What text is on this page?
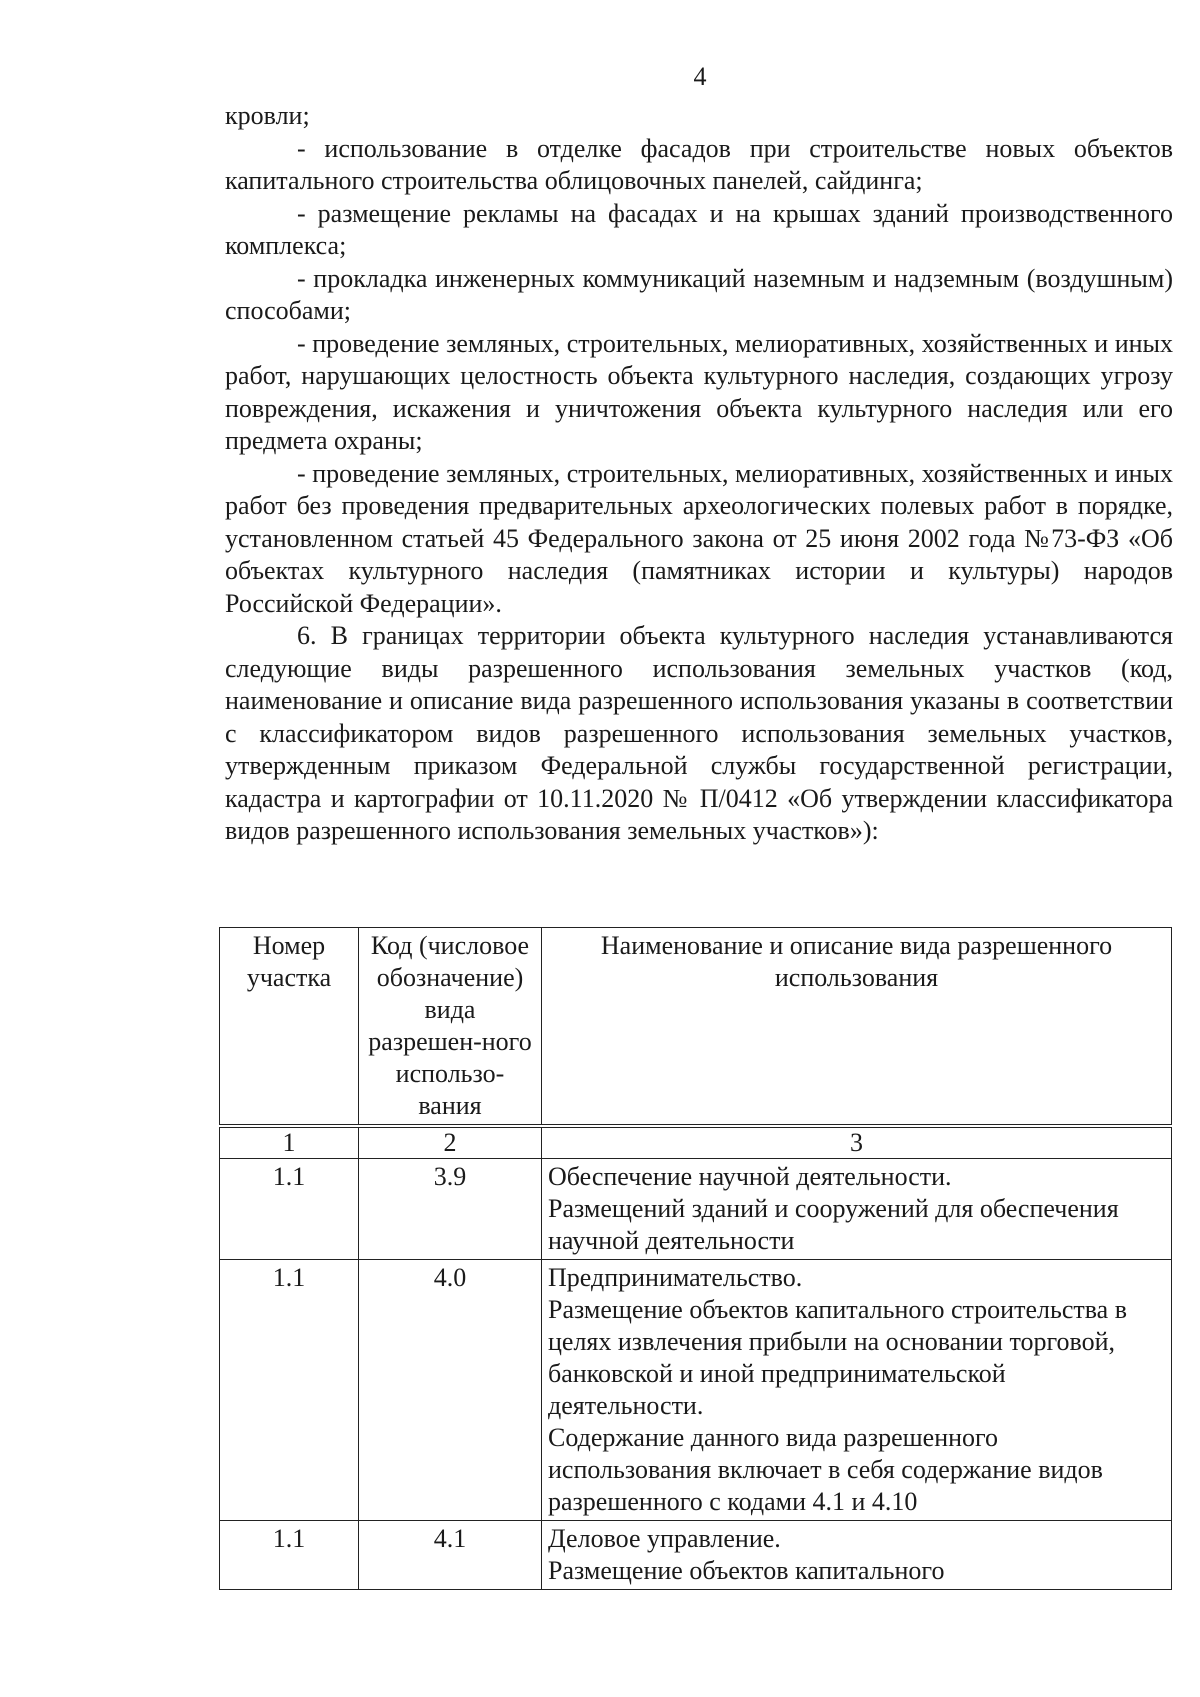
4

кровли;

- использование в отделке фасадов при строительстве новых объектов капитального строительства облицовочных панелей, сайдинга;

- размещение рекламы на фасадах и на крышах зданий производственного комплекса;

- прокладка инженерных коммуникаций наземным и надземным (воздушным) способами;

- проведение земляных, строительных, мелиоративных, хозяйственных и иных работ, нарушающих целостность объекта культурного наследия, создающих угрозу повреждения, искажения и уничтожения объекта культурного наследия или его предмета охраны;

- проведение земляных, строительных, мелиоративных, хозяйственных и иных работ без проведения предварительных археологических полевых работ в порядке, установленном статьей 45 Федерального закона от 25 июня 2002 года №73-ФЗ «Об объектах культурного наследия (памятниках истории и культуры) народов Российской Федерации».

6. В границах территории объекта культурного наследия устанавливаются следующие виды разрешенного использования земельных участков (код, наименование и описание вида разрешенного использования указаны в соответствии с классификатором видов разрешенного использования земельных участков, утвержденным приказом Федеральной службы государственной регистрации, кадастра и картографии от 10.11.2020 № П/0412 «Об утверждении классификатора видов разрешенного использования земельных участков»):

Номер участка	Код (числовое обозначение) вида разрешен-ного использо-вания	Наименование и описание вида разрешенного использования
1	2	3
1.1	3.9	Обеспечение научной деятельности.
Размещений зданий и сооружений для обеспечения научной деятельности

1.1	4.0	Предпринимательство.
Размещение объектов капитального строительства в целях извлечения прибыли на основании торговой, банковской и иной предпринимательской деятельности.
Содержание данного вида разрешенного использования включает в себя содержание видов разрешенного с кодами 4.1 и 4.10

1.1	4.1	Деловое управление.
Размещение объектов капитального
